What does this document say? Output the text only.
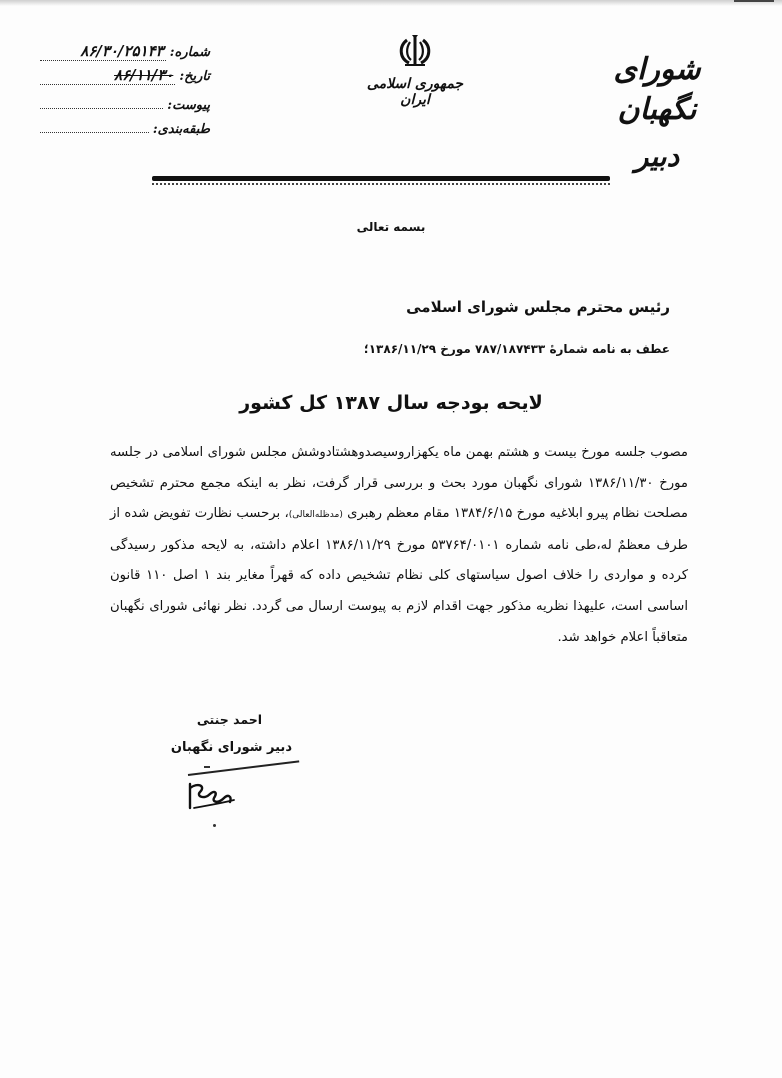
شماره:
۸۶/۳۰/۲۵۱۴۳
تاریخ:
۸۶/۱۱/۳۰
پیوست:
طبقه‌بندی:
جمهوری اسلامی ایران
شورای نگهبان
دبیر
بسمه تعالی
رئیس محترم مجلس شورای اسلامی
عطف به نامه شمارهٔ ۷۸۷/۱۸۷۴۳۳ مورخ ۱۳۸۶/۱۱/۲۹؛
لایحه بودجه سال ۱۳۸۷ کل کشور
مصوب جلسه مورخ بیست و هشتم بهمن ماه یکهزاروسیصدوهشتادوشش مجلس شورای اسلامی در جلسه مورخ ۱۳۸۶/۱۱/۳۰ شورای نگهبان مورد بحث و بررسی قرار گرفت، نظر به اینکه مجمع محترم تشخیص مصلحت نظام پیرو ابلاغیه مورخ ۱۳۸۴/۶/۱۵ مقام معظم رهبری (مدظله‌العالی)، برحسب نظارت تفویض شده از طرف معظمٌ له،طی نامه شماره ۵۳۷۶۴/۰۱۰۱ مورخ ۱۳۸۶/۱۱/۲۹ اعلام داشته، به لایحه مذکور رسیدگی کرده و مواردی را خلاف اصول سیاستهای کلی نظام تشخیص داده که قهراً مغایر بند ۱ اصل ۱۱۰ قانون اساسی است، علیهذا نظریه مذکور جهت اقدام لازم به پیوست ارسال می گردد. نظر نهائی شورای نگهبان متعاقباً اعلام خواهد شد.
احمد جنتی
دبیر شورای نگهبان
